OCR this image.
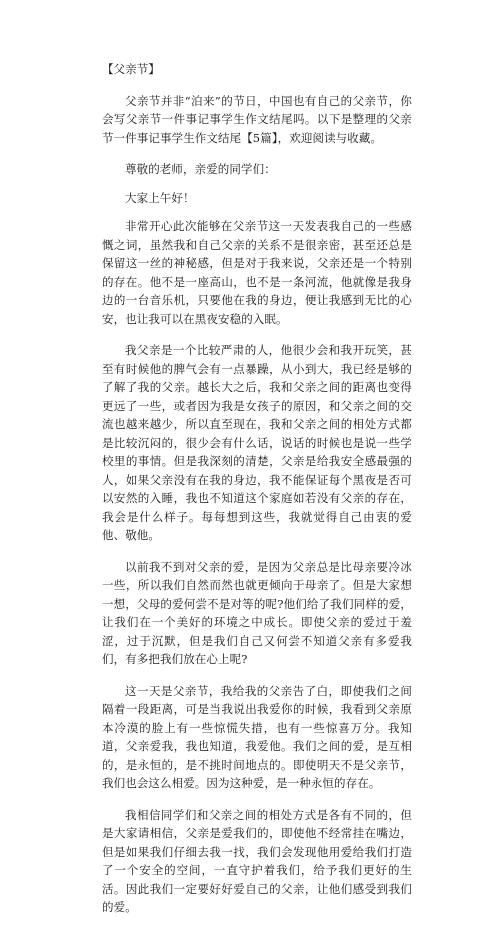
【父亲节】

父亲节并非“泊来”的节日，中国也有自己的父亲节，你会写父亲节一件事记事学生作文结尾吗。以下是整理的父亲节一件事记事学生作文结尾【5篇】，欢迎阅读与收藏。

尊敬的老师，亲爱的同学们：

大家上午好！

非常开心此次能够在父亲节这一天发表我自己的一些感慨之词，虽然我和自己父亲的关系不是很亲密，甚至还总是保留这一丝的神秘感，但是对于我来说，父亲还是一个特别的存在。他不是一座高山，也不是一条河流，他就像是我身边的一台音乐机，只要他在我的身边，便让我感到无比的心安，也让我可以在黑夜安稳的入眠。

我父亲是一个比较严肃的人，他很少会和我开玩笑，甚至有时候他的脾气会有一点暴躁，从小到大，我已经是够的了解了我的父亲。越长大之后，我和父亲之间的距离也变得更远了一些，或者因为我是女孩子的原因，和父亲之间的交流也越来越少，所以直至现在，我和父亲之间的相处方式都是比较沉闷的，很少会有什么话，说话的时候也是说一些学校里的事情。但是我深刻的清楚，父亲是给我安全感最强的人，如果父亲没有在我的身边，我不能保证每个黑夜是否可以安然的入睡，我也不知道这个家庭如若没有父亲的存在，我会是什么样子。每每想到这些，我就觉得自己由衷的爱他、敬他。

以前我不到对父亲的爱，是因为父亲总是比母亲要冷冰一些，所以我们自然而然也就更倾向于母亲了。但是大家想一想，父母的爱何尝不是对等的呢?他们给了我们同样的爱，让我们在一个美好的环境之中成长。即使父亲的爱过于羞涩，过于沉默，但是我们自己又何尝不知道父亲有多爱我们，有多把我们放在心上呢?

这一天是父亲节，我给我的父亲告了白，即使我们之间隔着一段距离，可是当我说出我爱你的时候，我看到父亲原本冷漠的脸上有一些惊慌失措，也有一些惊喜万分。我知道，父亲爱我，我也知道，我爱他。我们之间的爱，是互相的，是永恒的，是不挑时间地点的。即使明天不是父亲节，我们也会这么相爱。因为这种爱，是一种永恒的存在。

我相信同学们和父亲之间的相处方式是各有不同的，但是大家请相信，父亲是爱我们的，即使他不经常挂在嘴边，但是如果我们仔细去我一找，我们会发现他用爱给我们打造了一个安全的空间，一直守护着我们，给予我们更好的生活。因此我们一定要好好爱自己的父亲，让他们感受到我们的爱。
